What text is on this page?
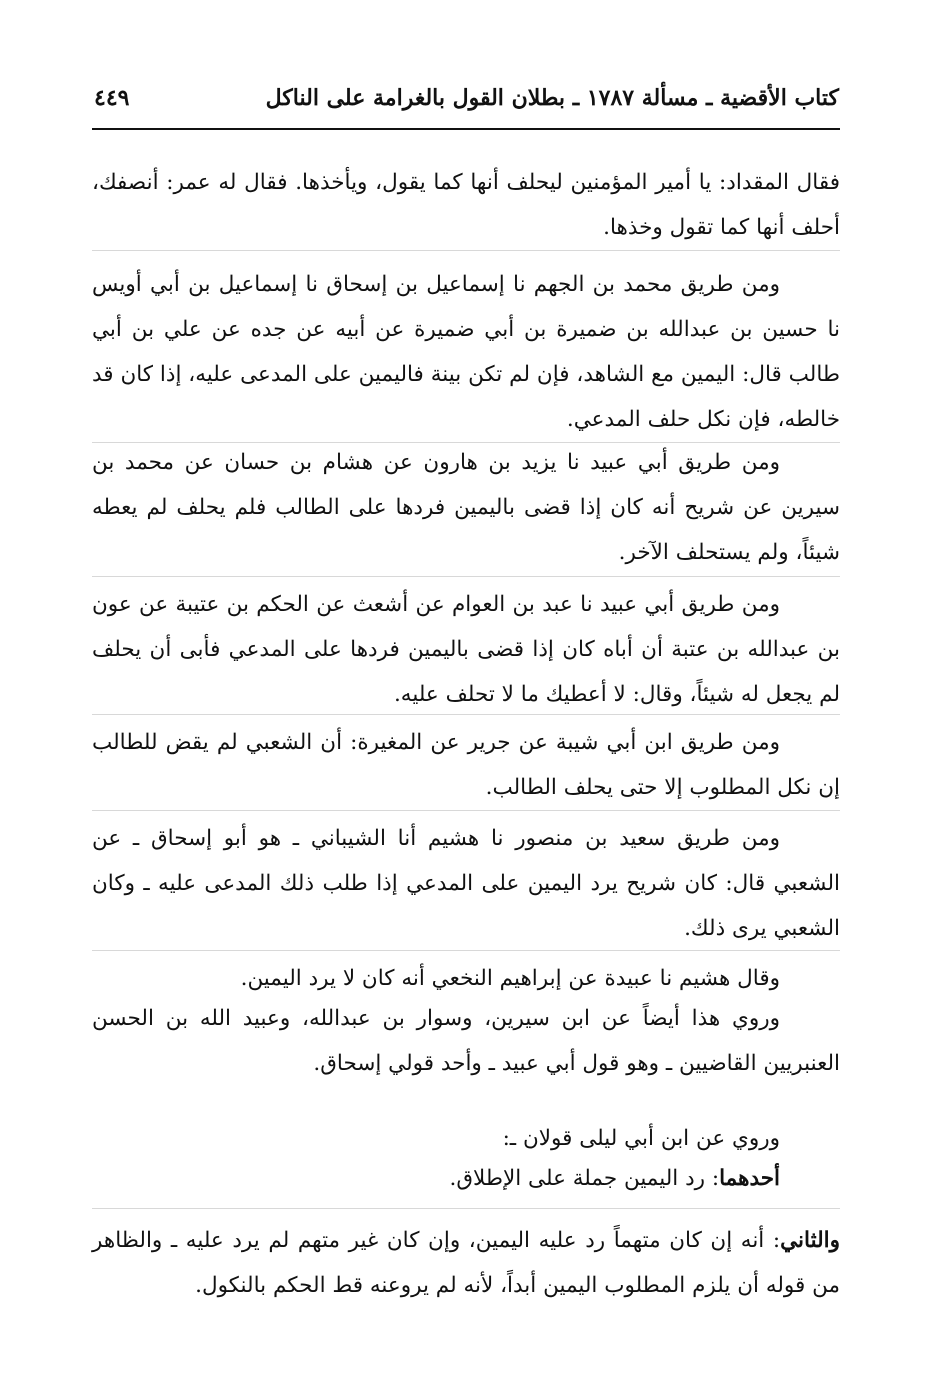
كتاب الأقضية ـ مسألة ١٧٨٧ ـ بطلان القول بالغرامة على الناكل
٤٤٩

فقال المقداد: يا أمير المؤمنين ليحلف أنها كما يقول، ويأخذها. فقال له عمر: أنصفك، أحلف أنها كما تقول وخذها.

ومن طريق محمد بن الجهم نا إسماعيل بن إسحاق نا إسماعيل بن أبي أويس نا حسين بن عبدالله بن ضميرة بن أبي ضميرة عن أبيه عن جده عن علي بن أبي طالب قال: اليمين مع الشاهد، فإن لم تكن بينة فاليمين على المدعى عليه، إذا كان قد خالطه، فإن نكل حلف المدعي.

ومن طريق أبي عبيد نا يزيد بن هارون عن هشام بن حسان عن محمد بن سيرين عن شريح أنه كان إذا قضى باليمين فردها على الطالب فلم يحلف لم يعطه شيئاً، ولم يستحلف الآخر.

ومن طريق أبي عبيد نا عبد بن العوام عن أشعث عن الحكم بن عتيبة عن عون بن عبدالله بن عتبة أن أباه كان إذا قضى باليمين فردها على المدعي فأبى أن يحلف لم يجعل له شيئاً، وقال: لا أعطيك ما لا تحلف عليه.

ومن طريق ابن أبي شيبة عن جرير عن المغيرة: أن الشعبي لم يقض للطالب إن نكل المطلوب إلا حتى يحلف الطالب.

ومن طريق سعيد بن منصور نا هشيم أنا الشيباني ـ هو أبو إسحاق ـ عن الشعبي قال: كان شريح يرد اليمين على المدعي إذا طلب ذلك المدعى عليه ـ وكان الشعبي يرى ذلك.

وقال هشيم نا عبيدة عن إبراهيم النخعي أنه كان لا يرد اليمين.

وروي هذا أيضاً عن ابن سيرين، وسوار بن عبدالله، وعبيد الله بن الحسن العنبريين القاضيين ـ وهو قول أبي عبيد ـ وأحد قولي إسحاق.

وروي عن ابن أبي ليلى قولان ـ:

أحدهما: رد اليمين جملة على الإطلاق.

والثاني: أنه إن كان متهماً رد عليه اليمين، وإن كان غير متهم لم يرد عليه ـ والظاهر من قوله أن يلزم المطلوب اليمين أبداً، لأنه لم يروعنه قط الحكم بالنكول.
